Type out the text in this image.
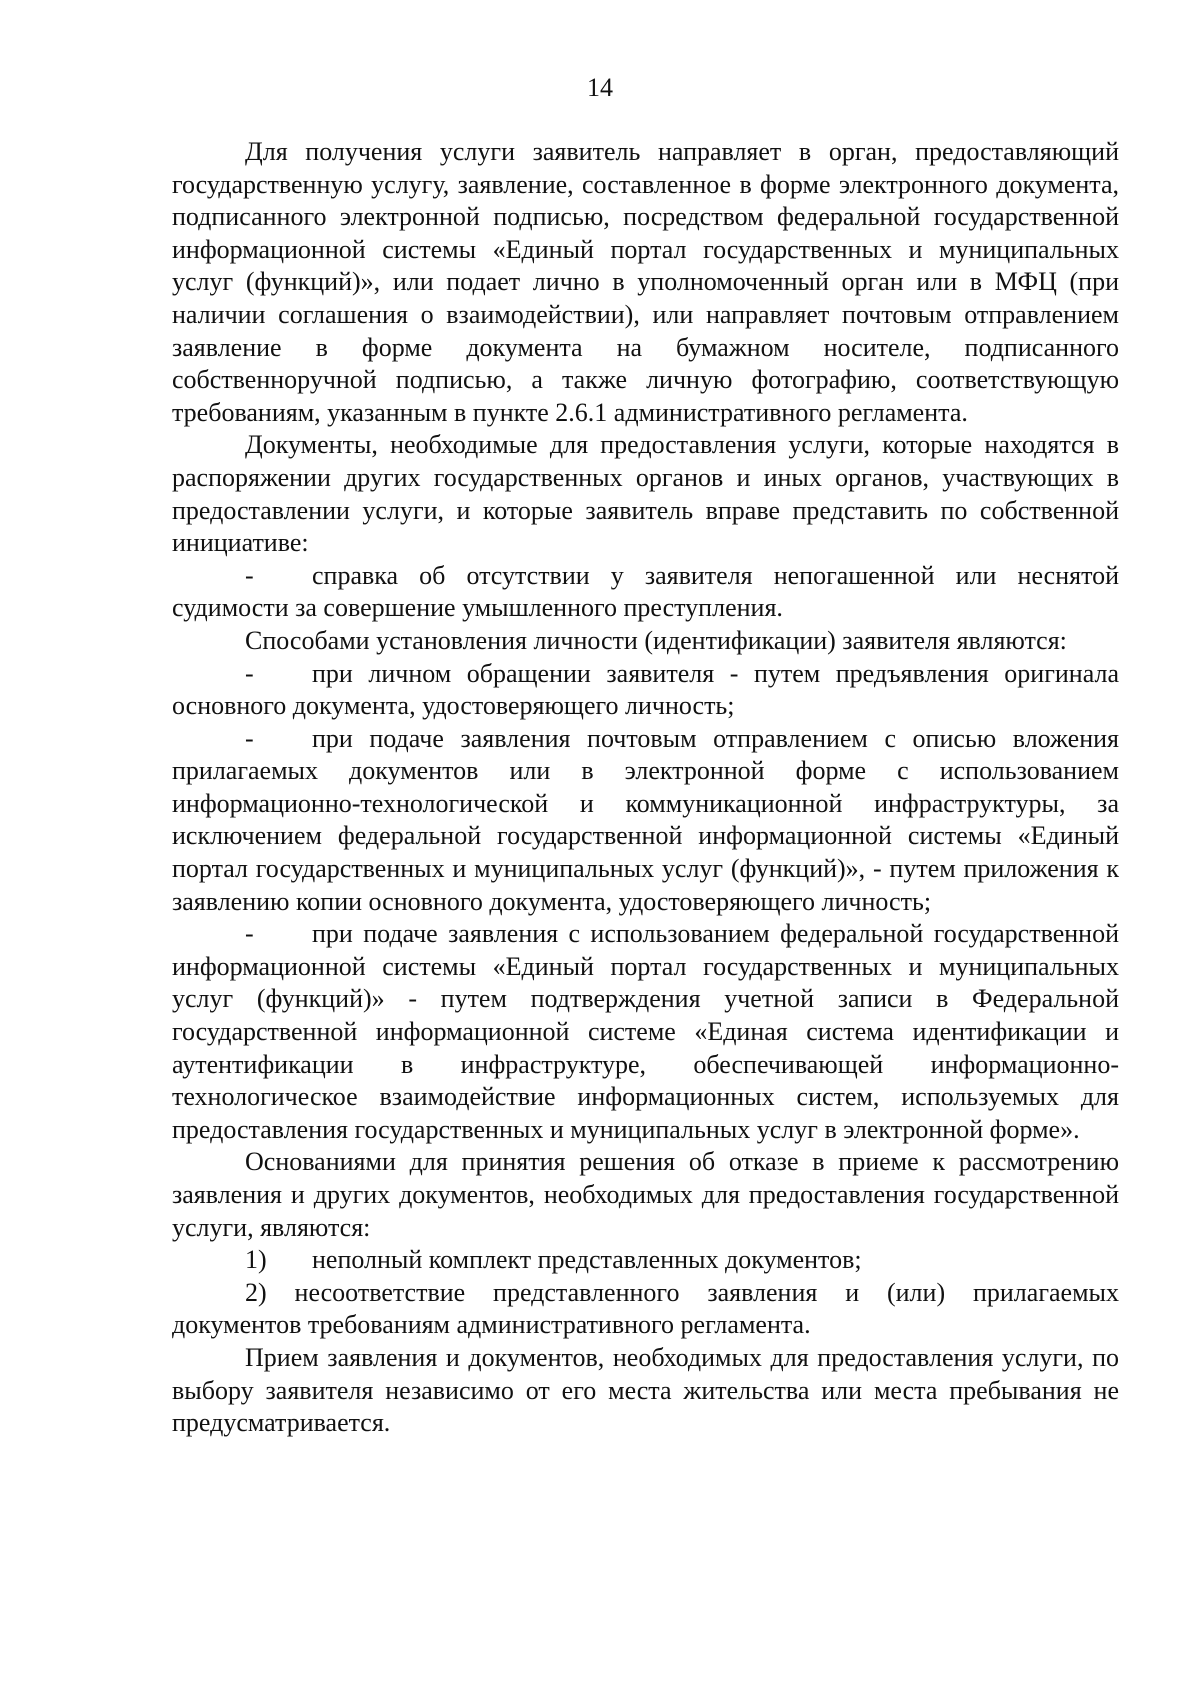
14

Для получения услуги заявитель направляет в орган, предоставляющий государственную услугу, заявление, составленное в форме электронного документа, подписанного электронной подписью, посредством федеральной государственной информационной системы «Единый портал государственных и муниципальных услуг (функций)», или подает лично в уполномоченный орган или в МФЦ (при наличии соглашения о взаимодействии), или направляет почтовым отправлением заявление в форме документа на бумажном носителе, подписанного собственноручной подписью, а также личную фотографию, соответствующую требованиям, указанным в пункте 2.6.1 административного регламента.

Документы, необходимые для предоставления услуги, которые находятся в распоряжении других государственных органов и иных органов, участвующих в предоставлении услуги, и которые заявитель вправе представить по собственной инициативе:

- справка об отсутствии у заявителя непогашенной или неснятой судимости за совершение умышленного преступления.

Способами установления личности (идентификации) заявителя являются:

- при личном обращении заявителя - путем предъявления оригинала основного документа, удостоверяющего личность;

- при подаче заявления почтовым отправлением с описью вложения прилагаемых документов или в электронной форме с использованием информационно-технологической и коммуникационной инфраструктуры, за исключением федеральной государственной информационной системы «Единый портал государственных и муниципальных услуг (функций)», - путем приложения к заявлению копии основного документа, удостоверяющего личность;

- при подаче заявления с использованием федеральной государственной информационной системы «Единый портал государственных и муниципальных услуг (функций)» - путем подтверждения учетной записи в Федеральной государственной информационной системе «Единая система идентификации и аутентификации в инфраструктуре, обеспечивающей информационно-технологическое взаимодействие информационных систем, используемых для предоставления государственных и муниципальных услуг в электронной форме».

Основаниями для принятия решения об отказе в приеме к рассмотрению заявления и других документов, необходимых для предоставления государственной услуги, являются:

1) неполный комплект представленных документов;

2) несоответствие представленного заявления и (или) прилагаемых документов требованиям административного регламента.

Прием заявления и документов, необходимых для предоставления услуги, по выбору заявителя независимо от его места жительства или места пребывания не предусматривается.
